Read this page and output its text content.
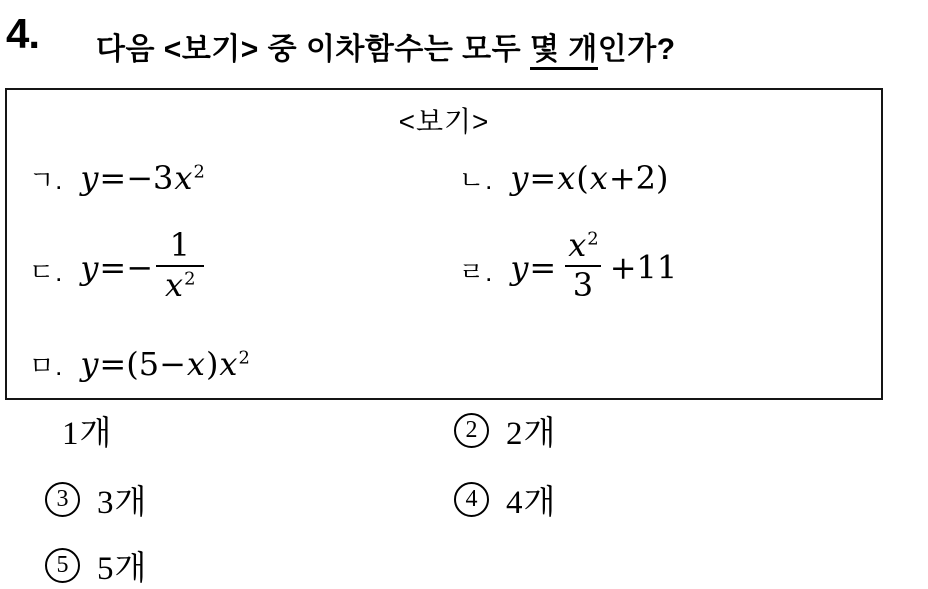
4. 다음 <보기> 중 이차함수는 모두 몇 개인가?
<보기>
ㄱ. $y=-3x^2$	ㄴ. y=x(x+2)
ㄷ. $y=- \frac{1}{x^2}$	ㄹ. $y= \frac{x^2}{3} +11$
ㅁ. $y=(5-x)x^2$
1개	2 2개
3 3개	4 4개
5 5개
